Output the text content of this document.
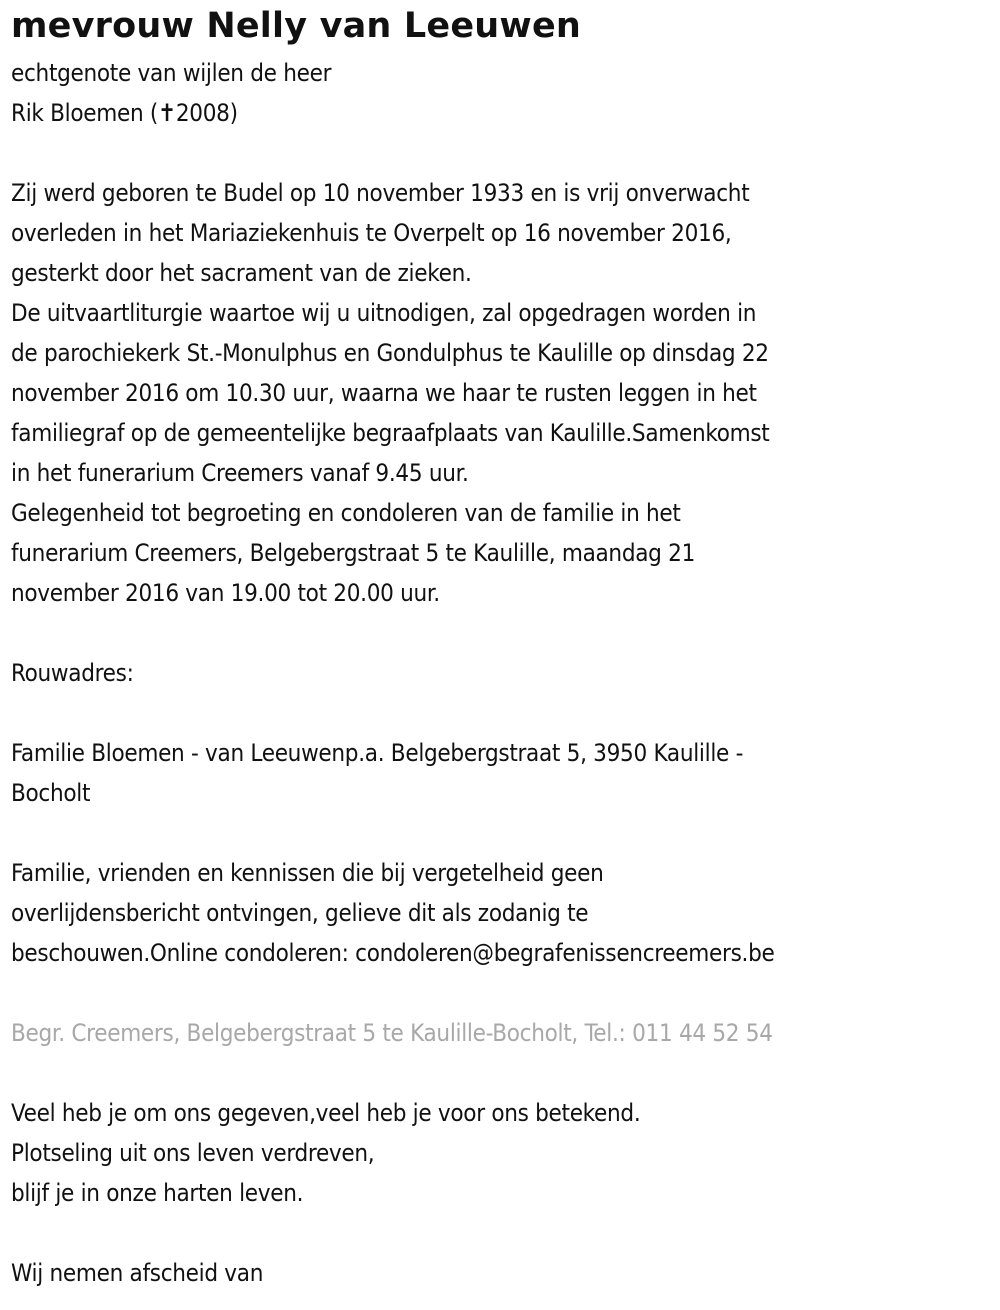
mevrouw Nelly van Leeuwen

echtgenote van wijlen de heer

Rik Bloemen (✝2008)

Zij werd geboren te Budel op 10 november 1933 en is vrij onverwacht

overleden in het Mariaziekenhuis te Overpelt op 16 november 2016,

gesterkt door het sacrament van de zieken.

De uitvaartliturgie waartoe wij u uitnodigen, zal opgedragen worden in

de parochiekerk St.-Monulphus en Gondulphus te Kaulille op dinsdag 22

november 2016 om 10.30 uur, waarna we haar te rusten leggen in het

familiegraf op de gemeentelijke begraafplaats van Kaulille.Samenkomst

in het funerarium Creemers vanaf 9.45 uur.

Gelegenheid tot begroeting en condoleren van de familie in het

funerarium Creemers, Belgebergstraat 5 te Kaulille, maandag 21

november 2016 van 19.00 tot 20.00 uur.

Rouwadres:

Familie Bloemen - van Leeuwenp.a. Belgebergstraat 5, 3950 Kaulille -

Bocholt

Familie, vrienden en kennissen die bij vergetelheid geen

overlijdensbericht ontvingen, gelieve dit als zodanig te

beschouwen.Online condoleren: condoleren@begrafenissencreemers.be

Begr. Creemers, Belgebergstraat 5 te Kaulille-Bocholt, Tel.: 011 44 52 54

Veel heb je om ons gegeven,veel heb je voor ons betekend.

Plotseling uit ons leven verdreven,

blijf je in onze harten leven.

Wij nemen afscheid van
